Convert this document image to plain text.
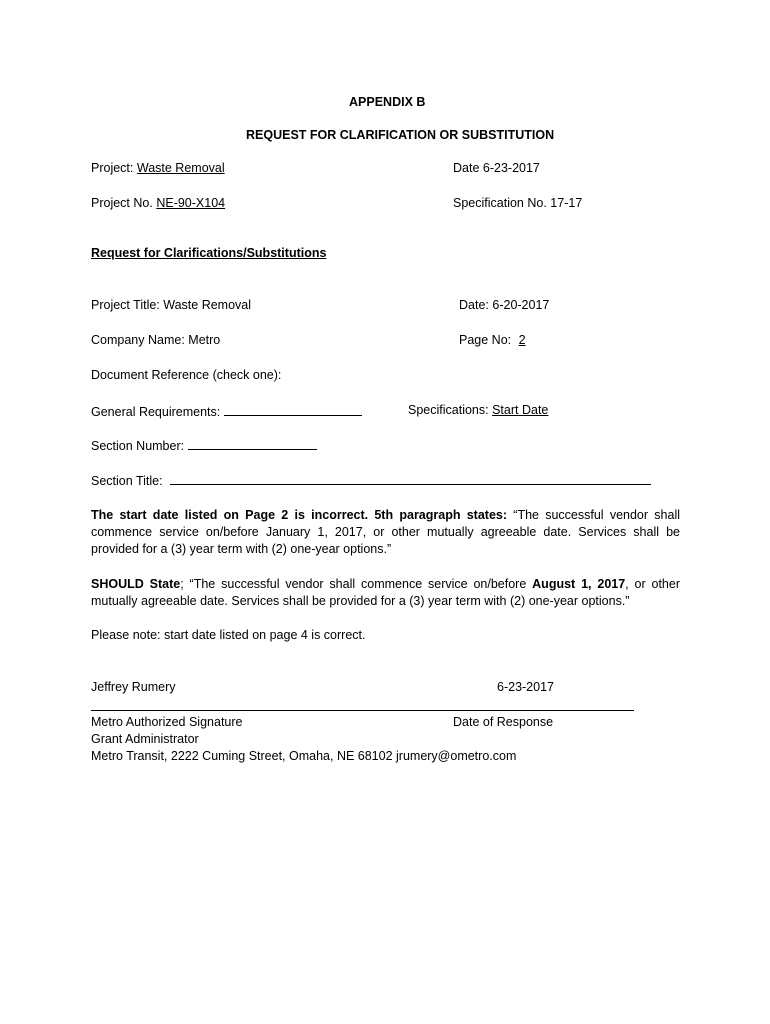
APPENDIX B
REQUEST FOR CLARIFICATION OR SUBSTITUTION
Project: Waste Removal	Date 6-23-2017
Project No. NE-90-X104	Specification No. 17-17
Request for Clarifications/Substitutions
Project Title: Waste Removal	Date: 6-20-2017
Company Name: Metro	Page No: 2
Document Reference (check one):
General Requirements:	Specifications: Start Date
Section Number:
Section Title:
The start date listed on Page 2 is incorrect. 5th paragraph states: “The successful vendor shall commence service on/before January 1, 2017, or other mutually agreeable date. Services shall be provided for a (3) year term with (2) one-year options.”
SHOULD State; “The successful vendor shall commence service on/before August 1, 2017, or other mutually agreeable date. Services shall be provided for a (3) year term with (2) one-year options.”
Please note: start date listed on page 4 is correct.
Jeffrey Rumery	6-23-2017
Metro Authorized Signature	Date of Response
Grant Administrator
Metro Transit, 2222 Cuming Street, Omaha, NE 68102 jrumery@ometro.com
